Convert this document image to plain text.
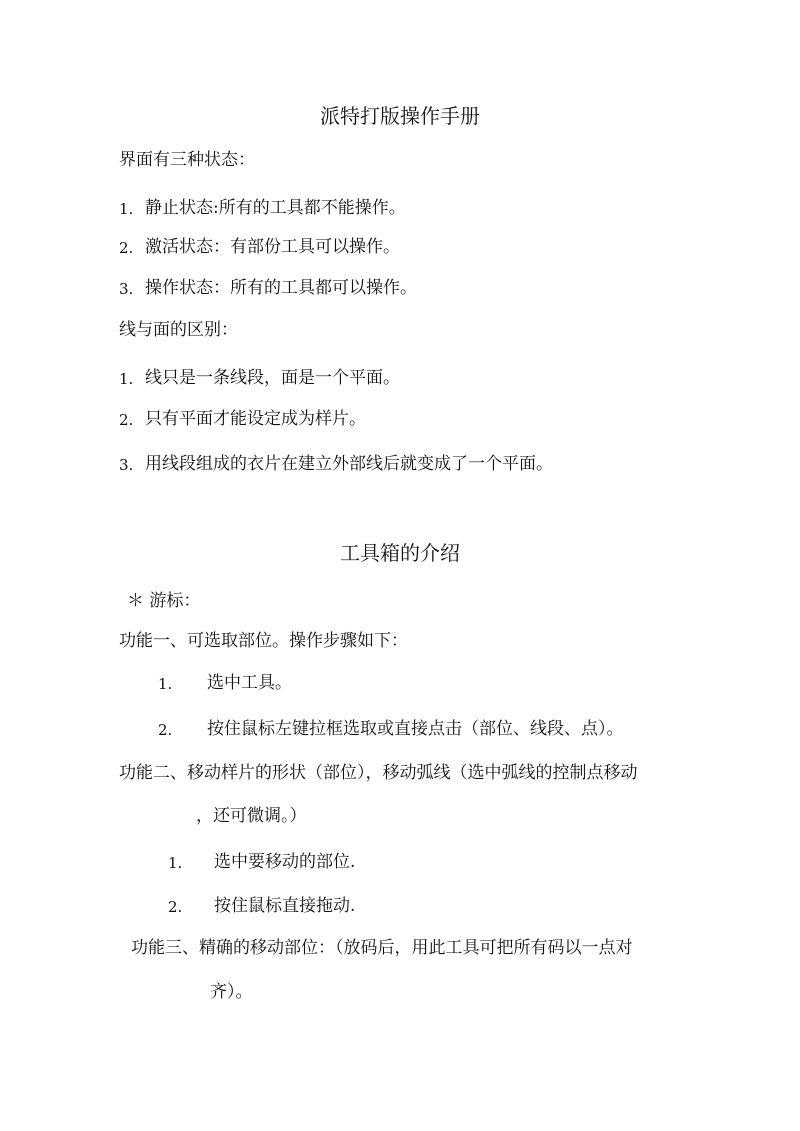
派特打版操作手册
界面有三种状态：
1. 静止状态:所有的工具都不能操作。
2. 激活状态：有部份工具可以操作。
3. 操作状态：所有的工具都可以操作。
线与面的区别：
1. 线只是一条线段，面是一个平面。
2. 只有平面才能设定成为样片。
3. 用线段组成的衣片在建立外部线后就变成了一个平面。
工具箱的介绍
＊ 游标：
功能一、可选取部位。操作步骤如下：
1. 选中工具。
2. 按住鼠标左键拉框选取或直接点击（部位、线段、点）。
功能二、移动样片的形状（部位），移动弧线（选中弧线的控制点移动
，还可微调。）
1. 选中要移动的部位.
2. 按住鼠标直接拖动.
功能三、精确的移动部位：（放码后，用此工具可把所有码以一点对
齐）。
